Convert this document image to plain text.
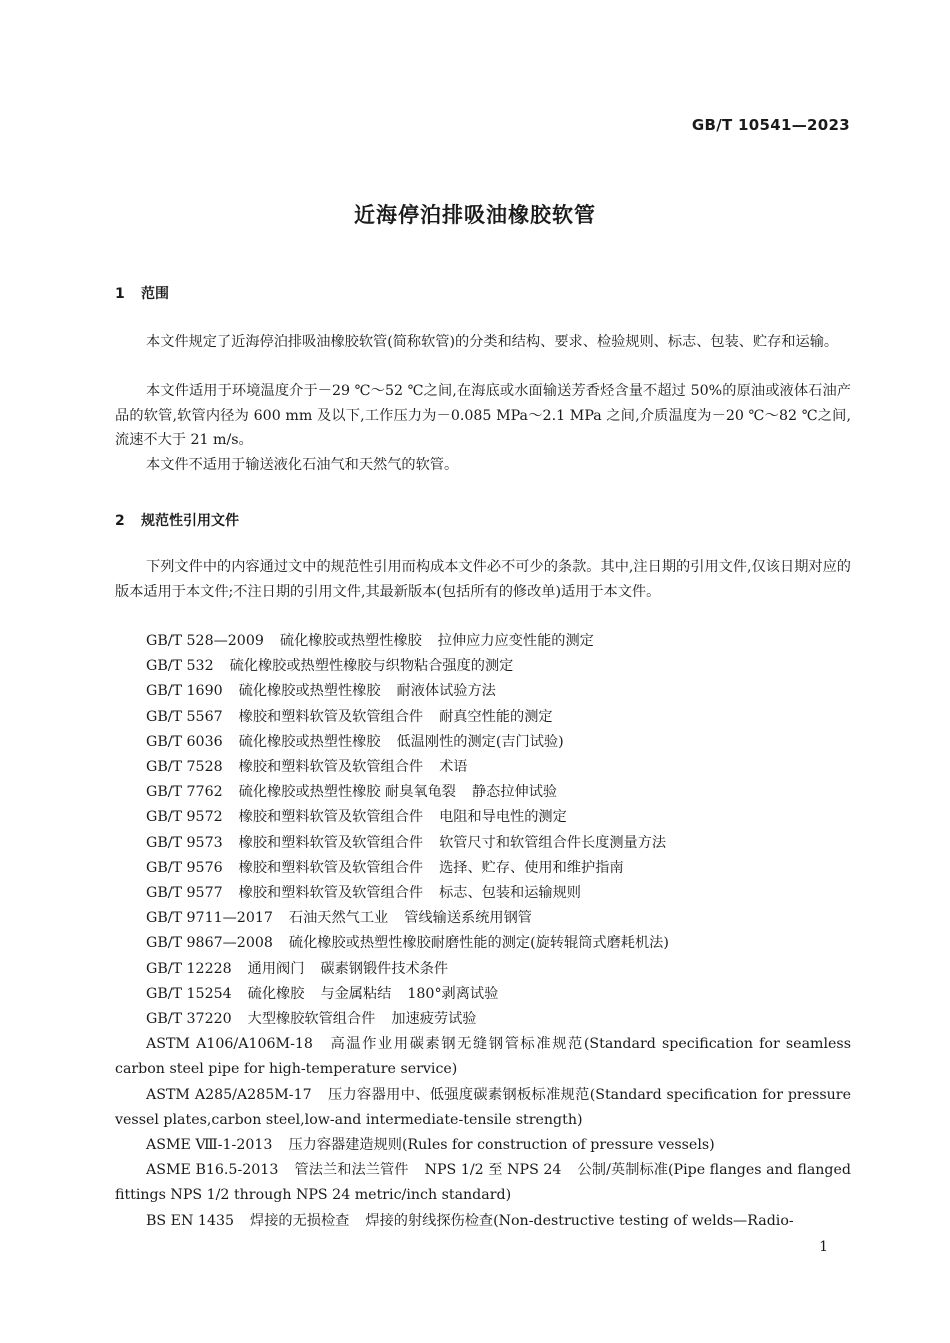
GB/T 10541—2023
近海停泊排吸油橡胶软管
1 范围

本文件规定了近海停泊排吸油橡胶软管(简称软管)的分类和结构、要求、检验规则、标志、包装、贮存和运输。

本文件适用于环境温度介于－29 ℃～52 ℃之间,在海底或水面输送芳香烃含量不超过 50%的原油或液体石油产品的软管,软管内径为 600 mm 及以下,工作压力为－0.085 MPa～2.1 MPa 之间,介质温度为－20 ℃～82 ℃之间,流速不大于 21 m/s。

本文件不适用于输送液化石油气和天然气的软管。

2 规范性引用文件

下列文件中的内容通过文中的规范性引用而构成本文件必不可少的条款。其中,注日期的引用文件,仅该日期对应的版本适用于本文件;不注日期的引用文件,其最新版本(包括所有的修改单)适用于本文件。

GB/T 528—2009 硫化橡胶或热塑性橡胶 拉伸应力应变性能的测定
GB/T 532 硫化橡胶或热塑性橡胶与织物粘合强度的测定
GB/T 1690 硫化橡胶或热塑性橡胶 耐液体试验方法
GB/T 5567 橡胶和塑料软管及软管组合件 耐真空性能的测定
GB/T 6036 硫化橡胶或热塑性橡胶 低温刚性的测定(吉门试验)
GB/T 7528 橡胶和塑料软管及软管组合件 术语
GB/T 7762 硫化橡胶或热塑性橡胶 耐臭氧龟裂 静态拉伸试验
GB/T 9572 橡胶和塑料软管及软管组合件 电阻和导电性的测定
GB/T 9573 橡胶和塑料软管及软管组合件 软管尺寸和软管组合件长度测量方法
GB/T 9576 橡胶和塑料软管及软管组合件 选择、贮存、使用和维护指南
GB/T 9577 橡胶和塑料软管及软管组合件 标志、包装和运输规则
GB/T 9711—2017 石油天然气工业 管线输送系统用钢管
GB/T 9867—2008 硫化橡胶或热塑性橡胶耐磨性能的测定(旋转辊筒式磨耗机法)
GB/T 12228 通用阀门 碳素钢锻件技术条件
GB/T 15254 硫化橡胶 与金属粘结 180°剥离试验
GB/T 37220 大型橡胶软管组合件 加速疲劳试验
ASTM A106/A106M-18 高温作业用碳素钢无缝钢管标准规范(Standard specification for seamless carbon steel pipe for high-temperature service)
ASTM A285/A285M-17 压力容器用中、低强度碳素钢板标准规范(Standard specification for pressure vessel plates,carbon steel,low-and intermediate-tensile strength)
ASME Ⅷ-1-2013 压力容器建造规则(Rules for construction of pressure vessels)
ASME B16.5-2013 管法兰和法兰管件 NPS 1/2 至 NPS 24 公制/英制标准(Pipe flanges and flanged fittings NPS 1/2 through NPS 24 metric/inch standard)
BS EN 1435 焊接的无损检查 焊接的射线探伤检查(Non-destructive testing of welds—Radio-
1
